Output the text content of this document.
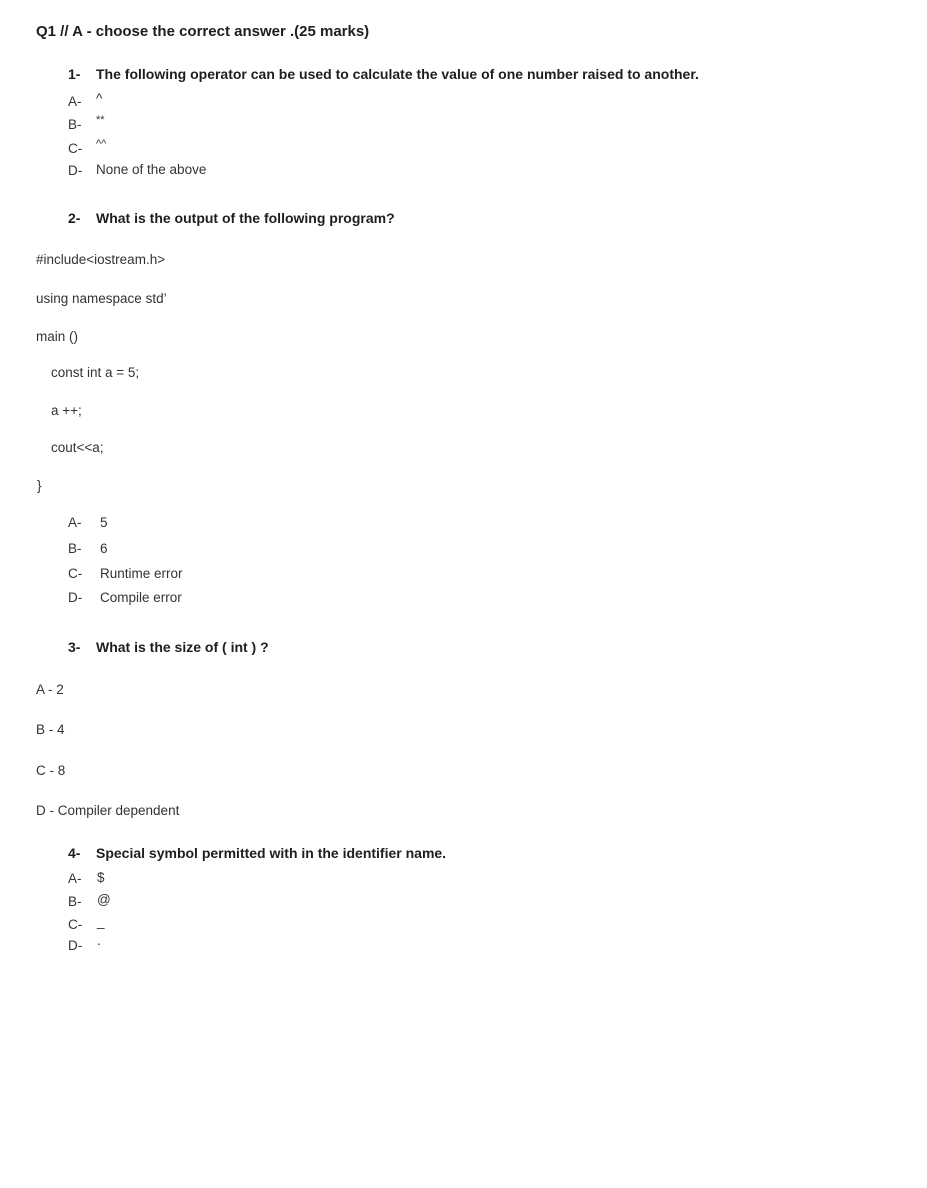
Q1 // A - choose the correct answer .(25 marks)
1- The following operator can be used to calculate the value of one number raised to another.
A- ^
B- **
C- ^^
D- None of the above
2- What is the output of the following program?
#include<iostream.h>
using namespace std’
main ()
const int a = 5;
a ++;
cout<<a;
}
A- 5
B- 6
C- Runtime error
D- Compile error
3- What is the size of ( int ) ?
A - 2
B - 4
C - 8
D - Compiler dependent
4- Special symbol permitted with in the identifier name.
A- $
B- @
C- _
D- .
